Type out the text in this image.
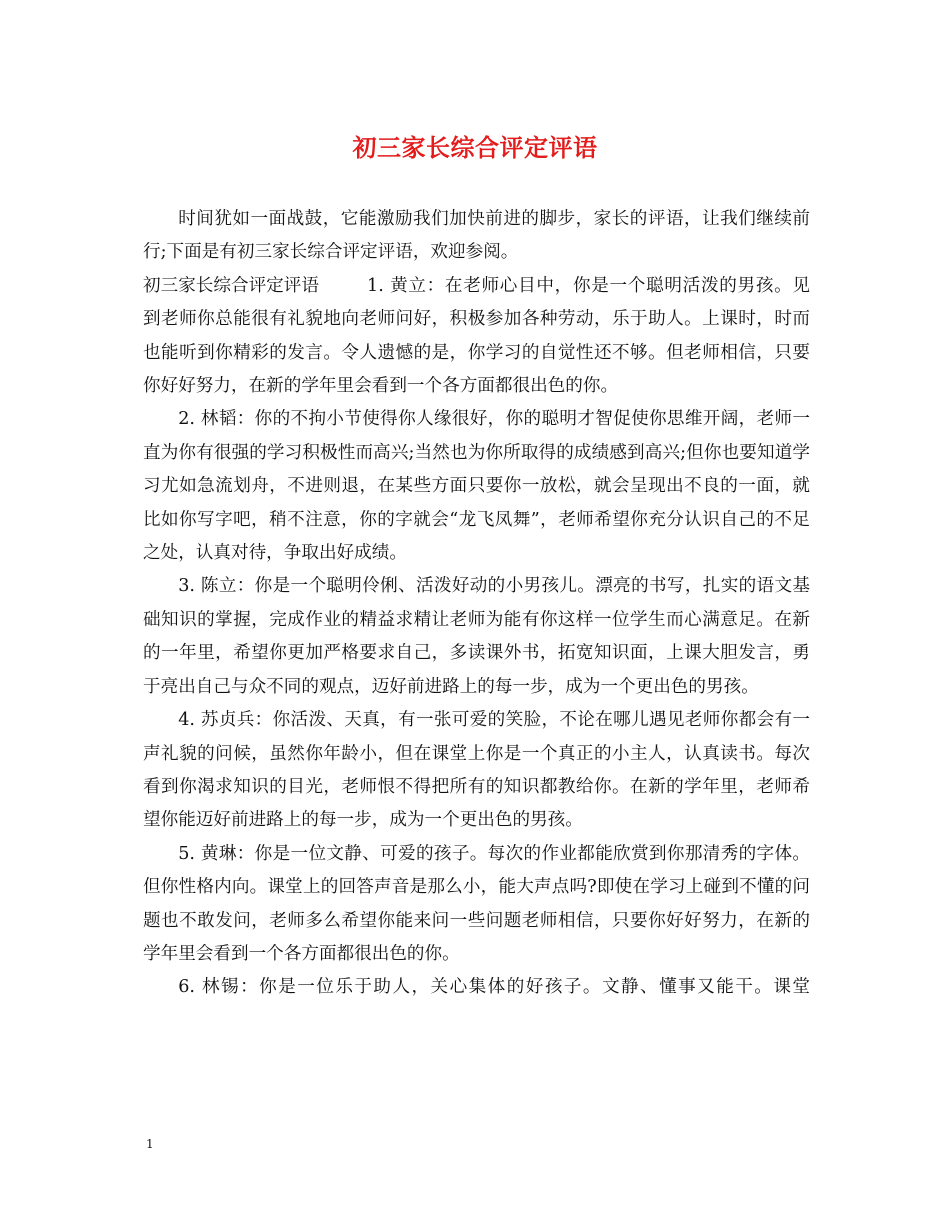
初三家长综合评定评语

时间犹如一面战鼓，它能激励我们加快前进的脚步，家长的评语，让我们继续前行;下面是有初三家长综合评定评语，欢迎参阅。

初三家长综合评定评语	1. 黄立：在老师心目中，你是一个聪明活泼的男孩。见到老师你总能很有礼貌地向老师问好，积极参加各种劳动，乐于助人。上课时，时而也能听到你精彩的发言。令人遗憾的是，你学习的自觉性还不够。但老师相信，只要你好好努力，在新的学年里会看到一个各方面都很出色的你。

2. 林韬：你的不拘小节使得你人缘很好，你的聪明才智促使你思维开阔，老师一直为你有很强的学习积极性而高兴;当然也为你所取得的成绩感到高兴;但你也要知道学习尤如急流划舟，不进则退，在某些方面只要你一放松，就会呈现出不良的一面，就比如你写字吧，稍不注意，你的字就会“龙飞凤舞”，老师希望你充分认识自己的不足之处，认真对待，争取出好成绩。

3. 陈立：你是一个聪明伶俐、活泼好动的小男孩儿。漂亮的书写，扎实的语文基础知识的掌握，完成作业的精益求精让老师为能有你这样一位学生而心满意足。在新的一年里，希望你更加严格要求自己，多读课外书，拓宽知识面，上课大胆发言，勇于亮出自己与众不同的观点，迈好前进路上的每一步，成为一个更出色的男孩。

4. 苏贞兵：你活泼、天真，有一张可爱的笑脸，不论在哪儿遇见老师你都会有一声礼貌的问候，虽然你年龄小，但在课堂上你是一个真正的小主人，认真读书。每次看到你渴求知识的目光，老师恨不得把所有的知识都教给你。在新的学年里，老师希望你能迈好前进路上的每一步，成为一个更出色的男孩。

5. 黄琳：你是一位文静、可爱的孩子。每次的作业都能欣赏到你那清秀的字体。但你性格内向。课堂上的回答声音是那么小，能大声点吗?即使在学习上碰到不懂的问题也不敢发问，老师多么希望你能来问一些问题老师相信，只要你好好努力，在新的学年里会看到一个各方面都很出色的你。

6. 林锡：你是一位乐于助人，关心集体的好孩子。文静、懂事又能干。课堂

1
